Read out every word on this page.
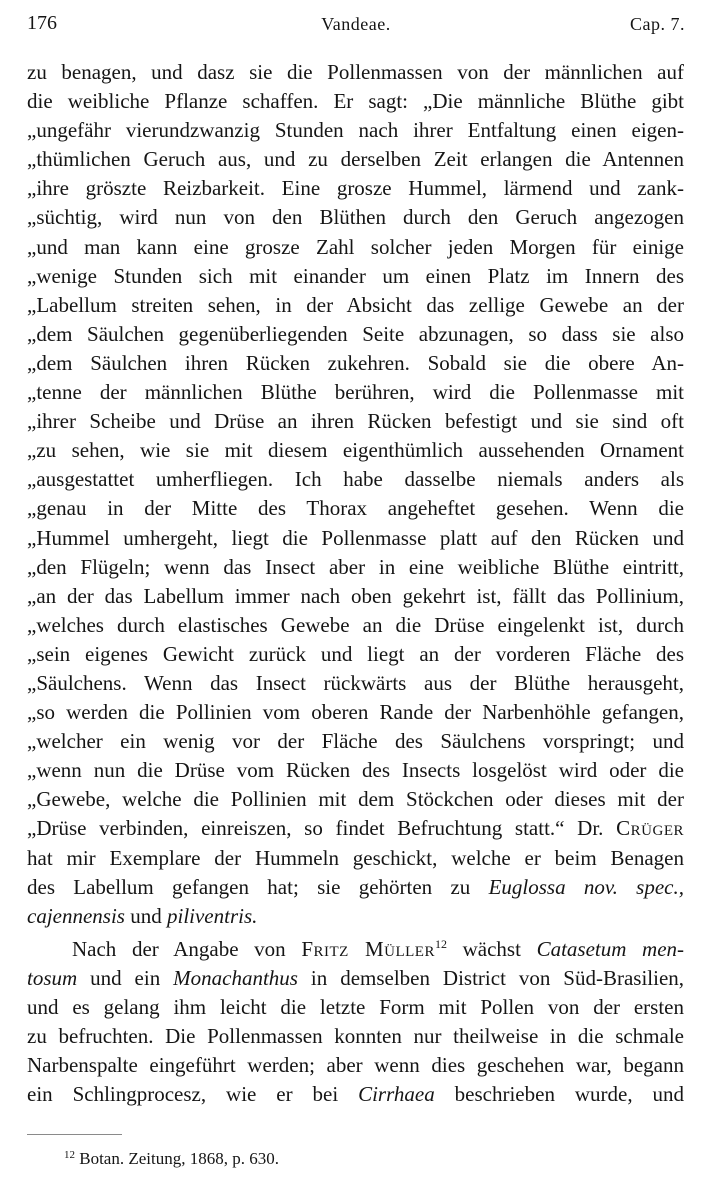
176	Vandeae.	Cap. 7.
zu benagen, und dasz sie die Pollenmassen von der männlichen auf
die weibliche Pflanze schaffen. Er sagt: „Die männliche Blüthe gibt
„ungefähr vierundzwanzig Stunden nach ihrer Entfaltung einen eigen-
„thümlichen Geruch aus, und zu derselben Zeit erlangen die Antennen
„ihre gröszte Reizbarkeit. Eine grosze Hummel, lärmend und zank-
„süchtig, wird nun von den Blüthen durch den Geruch angezogen
„und man kann eine grosze Zahl solcher jeden Morgen für einige
„wenige Stunden sich mit einander um einen Platz im Innern des
„Labellum streiten sehen, in der Absicht das zellige Gewebe an der
„dem Säulchen gegenüberliegenden Seite abzunagen, so dass sie also
„dem Säulchen ihren Rücken zukehren. Sobald sie die obere An-
„tenne der männlichen Blüthe berühren, wird die Pollenmasse mit
„ihrer Scheibe und Drüse an ihren Rücken befestigt und sie sind oft
„zu sehen, wie sie mit diesem eigenthümlich aussehenden Ornament
„ausgestattet umherfliegen. Ich habe dasselbe niemals anders als
„genau in der Mitte des Thorax angeheftet gesehen. Wenn die
„Hummel umhergeht, liegt die Pollenmasse platt auf den Rücken und
„den Flügeln; wenn das Insect aber in eine weibliche Blüthe eintritt,
„an der das Labellum immer nach oben gekehrt ist, fällt das Pollinium,
„welches durch elastisches Gewebe an die Drüse eingelenkt ist, durch
„sein eigenes Gewicht zurück und liegt an der vorderen Fläche des
„Säulchens. Wenn das Insect rückwärts aus der Blüthe herausgeht,
„so werden die Pollinien vom oberen Rande der Narbenhöhle gefangen,
„welcher ein wenig vor der Fläche des Säulchens vorspringt; und
„wenn nun die Drüse vom Rücken des Insects losgelöst wird oder die
„Gewebe, welche die Pollinien mit dem Stöckchen oder dieses mit der
„Drüse verbinden, einreiszen, so findet Befruchtung statt.“ Dr. Crüger
hat mir Exemplare der Hummeln geschickt, welche er beim Benagen
des Labellum gefangen hat; sie gehörten zu Euglossa nov. spec.,
cajennensis und piliventris.
Nach der Angabe von Fritz Müller$^{12}$ wächst Catasetum men-
tosum und ein Monachanthus in demselben District von Süd-Brasilien,
und es gelang ihm leicht die letzte Form mit Pollen von der ersten
zu befruchten. Die Pollenmassen konnten nur theilweise in die schmale
Narbenspalte eingeführt werden; aber wenn dies geschehen war, begann
ein Schlingprocesz, wie er bei Cirrhaea beschrieben wurde, und
$^{12}$ Botan. Zeitung, 1868, p. 630.
